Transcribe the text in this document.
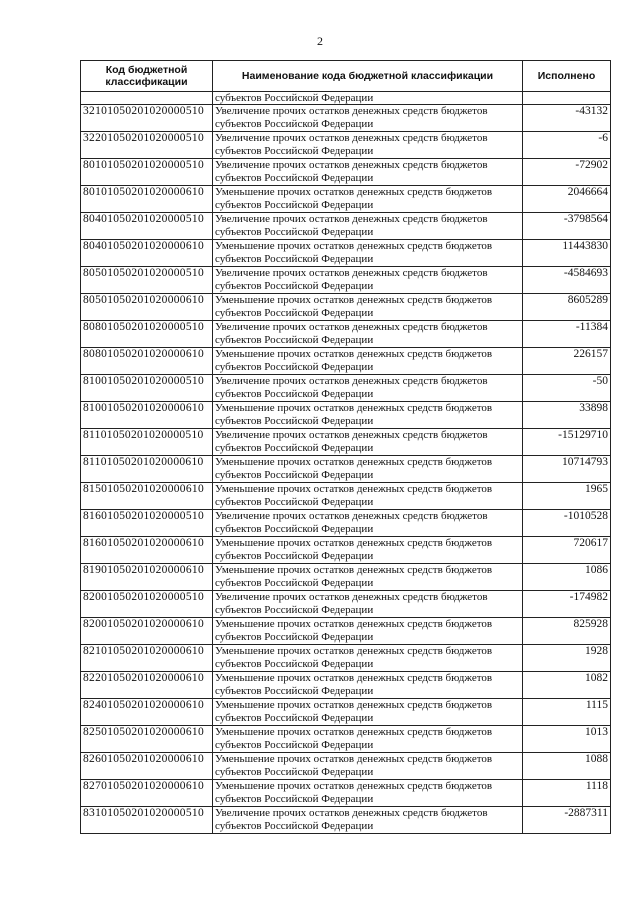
2
Код бюджетной классификации	Наименование кода бюджетной классификации	Исполнено
	субъектов Российской Федерации	
32101050201020000510	Увеличение прочих остатков денежных средств бюджетов субъектов Российской Федерации	-43132
32201050201020000510	Увеличение прочих остатков денежных средств бюджетов субъектов Российской Федерации	-6
80101050201020000510	Увеличение прочих остатков денежных средств бюджетов субъектов Российской Федерации	-72902
80101050201020000610	Уменьшение прочих остатков денежных средств бюджетов субъектов Российской Федерации	2046664
80401050201020000510	Увеличение прочих остатков денежных средств бюджетов субъектов Российской Федерации	-3798564
80401050201020000610	Уменьшение прочих остатков денежных средств бюджетов субъектов Российской Федерации	11443830
80501050201020000510	Увеличение прочих остатков денежных средств бюджетов субъектов Российской Федерации	-4584693
80501050201020000610	Уменьшение прочих остатков денежных средств бюджетов субъектов Российской Федерации	8605289
80801050201020000510	Увеличение прочих остатков денежных средств бюджетов субъектов Российской Федерации	-11384
80801050201020000610	Уменьшение прочих остатков денежных средств бюджетов субъектов Российской Федерации	226157
81001050201020000510	Увеличение прочих остатков денежных средств бюджетов субъектов Российской Федерации	-50
81001050201020000610	Уменьшение прочих остатков денежных средств бюджетов субъектов Российской Федерации	33898
81101050201020000510	Увеличение прочих остатков денежных средств бюджетов субъектов Российской Федерации	-15129710
81101050201020000610	Уменьшение прочих остатков денежных средств бюджетов субъектов Российской Федерации	10714793
81501050201020000610	Уменьшение прочих остатков денежных средств бюджетов субъектов Российской Федерации	1965
81601050201020000510	Увеличение прочих остатков денежных средств бюджетов субъектов Российской Федерации	-1010528
81601050201020000610	Уменьшение прочих остатков денежных средств бюджетов субъектов Российской Федерации	720617
81901050201020000610	Уменьшение прочих остатков денежных средств бюджетов субъектов Российской Федерации	1086
82001050201020000510	Увеличение прочих остатков денежных средств бюджетов субъектов Российской Федерации	-174982
82001050201020000610	Уменьшение прочих остатков денежных средств бюджетов субъектов Российской Федерации	825928
82101050201020000610	Уменьшение прочих остатков денежных средств бюджетов субъектов Российской Федерации	1928
82201050201020000610	Уменьшение прочих остатков денежных средств бюджетов субъектов Российской Федерации	1082
82401050201020000610	Уменьшение прочих остатков денежных средств бюджетов субъектов Российской Федерации	1115
82501050201020000610	Уменьшение прочих остатков денежных средств бюджетов субъектов Российской Федерации	1013
82601050201020000610	Уменьшение прочих остатков денежных средств бюджетов субъектов Российской Федерации	1088
82701050201020000610	Уменьшение прочих остатков денежных средств бюджетов субъектов Российской Федерации	1118
83101050201020000510	Увеличение прочих остатков денежных средств бюджетов субъектов Российской Федерации	-2887311
